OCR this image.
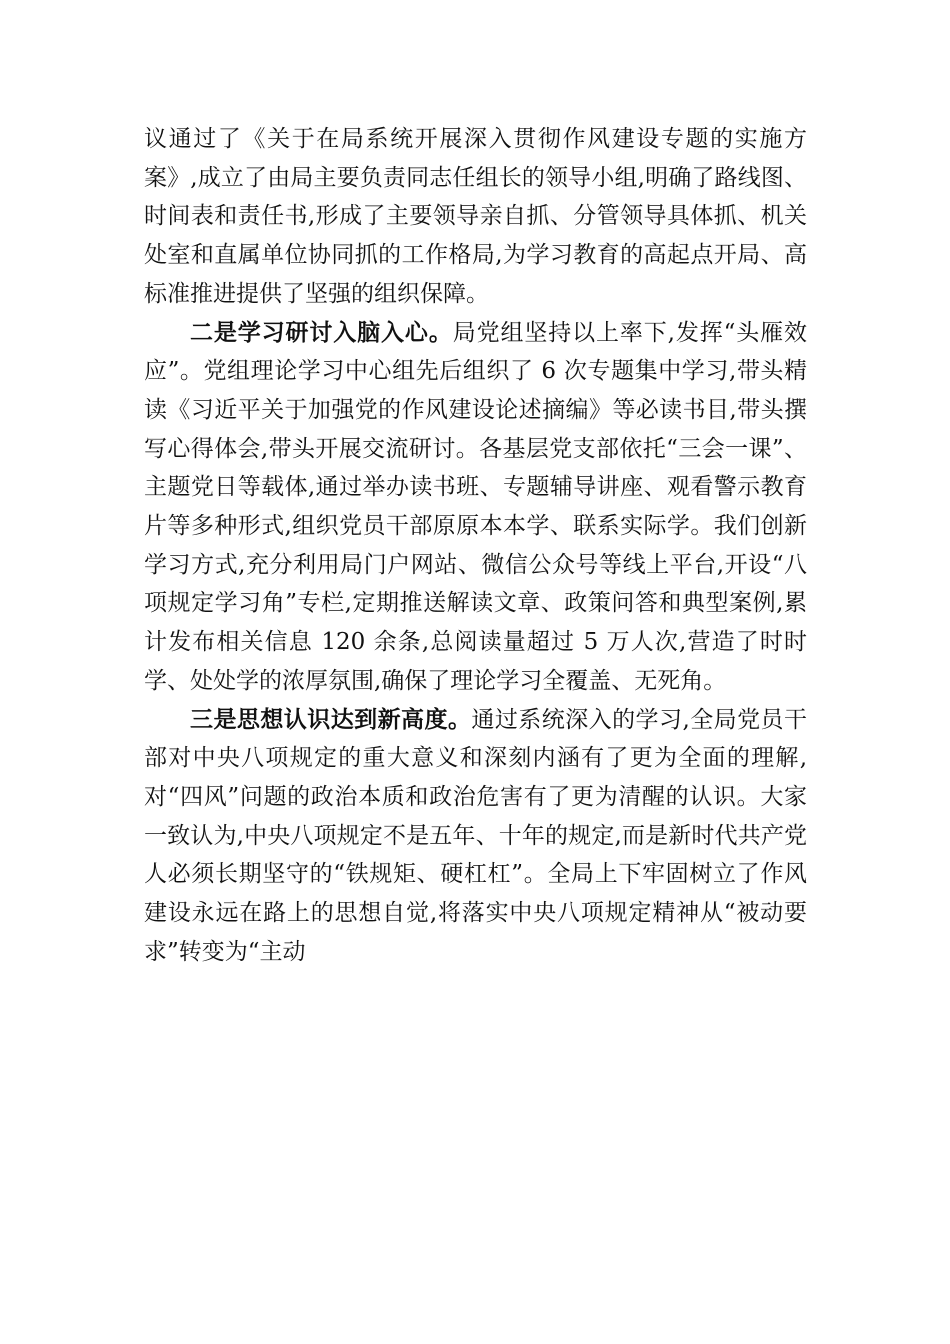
议通过了《关于在局系统开展深入贯彻作风建设专题的实施方案》,成立了由局主要负责同志任组长的领导小组,明确了路线图、时间表和责任书,形成了主要领导亲自抓、分管领导具体抓、机关处室和直属单位协同抓的工作格局,为学习教育的高起点开局、高标准推进提供了坚强的组织保障。

二是学习研讨入脑入心。局党组坚持以上率下,发挥“头雁效应”。党组理论学习中心组先后组织了 6 次专题集中学习,带头精读《习近平关于加强党的作风建设论述摘编》等必读书目,带头撰写心得体会,带头开展交流研讨。各基层党支部依托“三会一课”、主题党日等载体,通过举办读书班、专题辅导讲座、观看警示教育片等多种形式,组织党员干部原原本本学、联系实际学。我们创新学习方式,充分利用局门户网站、微信公众号等线上平台,开设“八项规定学习角”专栏,定期推送解读文章、政策问答和典型案例,累计发布相关信息 120 余条,总阅读量超过 5 万人次,营造了时时学、处处学的浓厚氛围,确保了理论学习全覆盖、无死角。

三是思想认识达到新高度。通过系统深入的学习,全局党员干部对中央八项规定的重大意义和深刻内涵有了更为全面的理解,对“四风”问题的政治本质和政治危害有了更为清醒的认识。大家一致认为,中央八项规定不是五年、十年的规定,而是新时代共产党人必须长期坚守的“铁规矩、硬杠杠”。全局上下牢固树立了作风建设永远在路上的思想自觉,将落实中央八项规定精神从“被动要求”转变为“主动
